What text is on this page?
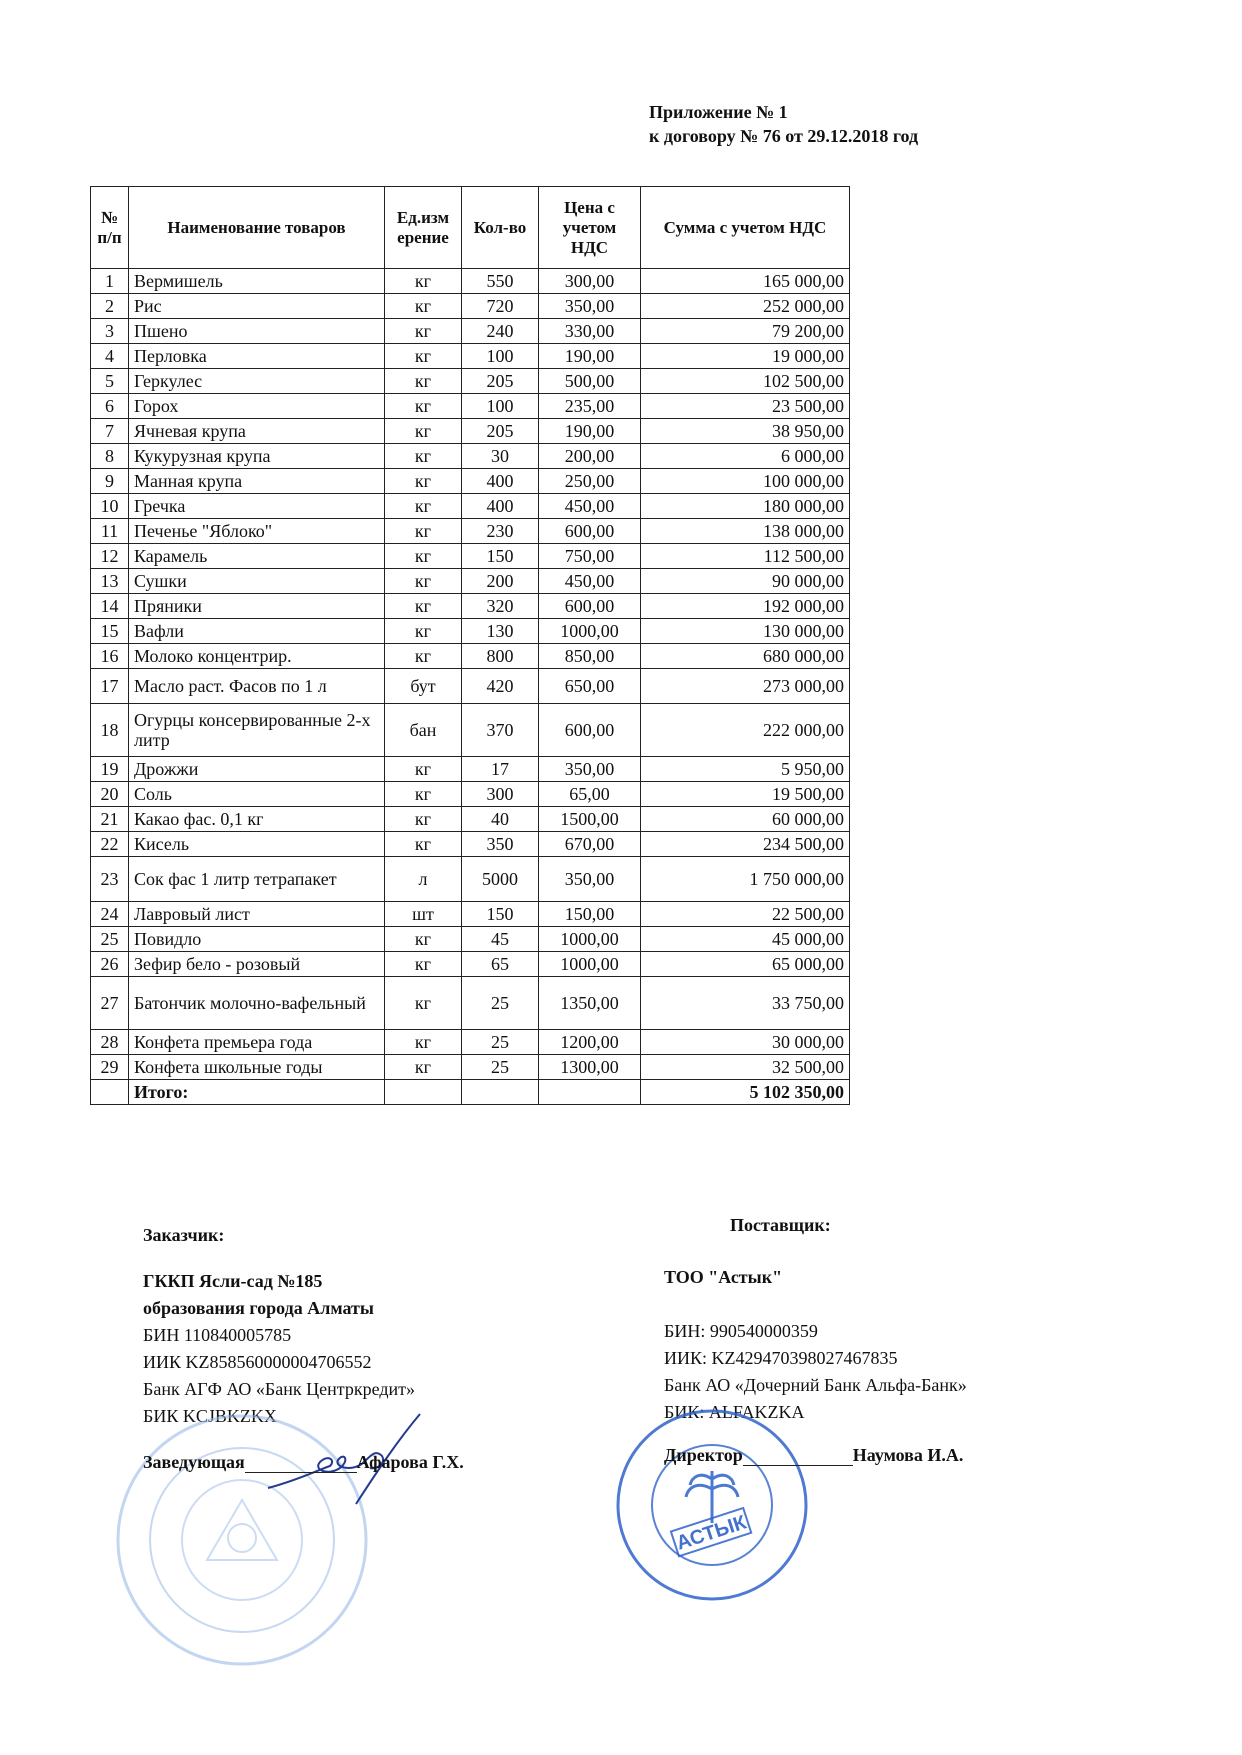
Приложение № 1
к договору № 76 от 29.12.2018 год
№ п/п	Наименование товаров	Ед.изм ерение	Кол-во	Цена с учетом НДС	Сумма с учетом НДС
1	Вермишель	кг	550	300,00	165 000,00
2	Рис	кг	720	350,00	252 000,00
3	Пшено	кг	240	330,00	79 200,00
4	Перловка	кг	100	190,00	19 000,00
5	Геркулес	кг	205	500,00	102 500,00
6	Горох	кг	100	235,00	23 500,00
7	Ячневая крупа	кг	205	190,00	38 950,00
8	Кукурузная крупа	кг	30	200,00	6 000,00
9	Манная крупа	кг	400	250,00	100 000,00
10	Гречка	кг	400	450,00	180 000,00
11	Печенье "Яблоко"	кг	230	600,00	138 000,00
12	Карамель	кг	150	750,00	112 500,00
13	Сушки	кг	200	450,00	90 000,00
14	Пряники	кг	320	600,00	192 000,00
15	Вафли	кг	130	1000,00	130 000,00
16	Молоко концентрир.	кг	800	850,00	680 000,00
17	Масло раст. Фасов по 1 л	бут	420	650,00	273 000,00
18	Огурцы консервированные 2-х литр	бан	370	600,00	222 000,00
19	Дрожжи	кг	17	350,00	5 950,00
20	Соль	кг	300	65,00	19 500,00
21	Какао фас. 0,1 кг	кг	40	1500,00	60 000,00
22	Кисель	кг	350	670,00	234 500,00
23	Сок фас 1 литр тетрапакет	л	5000	350,00	1 750 000,00
24	Лавровый лист	шт	150	150,00	22 500,00
25	Повидло	кг	45	1000,00	45 000,00
26	Зефир бело - розовый	кг	65	1000,00	65 000,00
27	Батончик молочно-вафельный	кг	25	1350,00	33 750,00
28	Конфета премьера года	кг	25	1200,00	30 000,00
29	Конфета школьные годы	кг	25	1300,00	32 500,00
	Итого:				5 102 350,00
Заказчик:	Поставщик:
ГККП Ясли-сад №185
образования города Алматы
БИН 110840005785
ИИК KZ858560000004706552
Банк АГФ АО «Банк Центркредит»
БИК KCJBKZKX
ТОО "Астык"
БИН: 990540000359
ИИК: KZ429470398027467835
Банк АО «Дочерний Банк Альфа-Банк»
БИК: ALFAKZKA
Заведующая	Афарова Г.Х.
АСТЫК
Директор	Наумова И.А.
